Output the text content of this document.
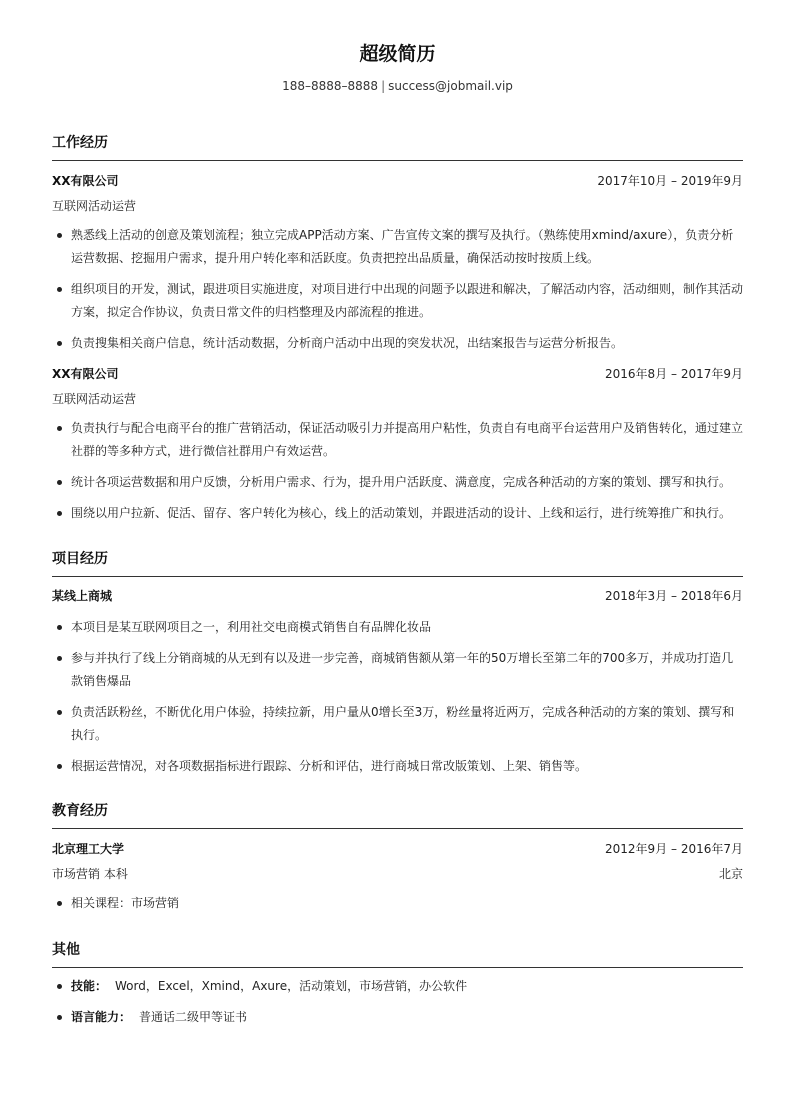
超级简历
188–8888–8888 | success@jobmail.vip
工作经历
XX有限公司	2017年10月 – 2019年9月
互联网活动运营
熟悉线上活动的创意及策划流程；独立完成APP活动方案、广告宣传文案的撰写及执行。（熟练使用xmind/axure），负责分析运营数据、挖掘用户需求，提升用户转化率和活跃度。负责把控出品质量，确保活动按时按质上线。
组织项目的开发，测试，跟进项目实施进度，对项目进行中出现的问题予以跟进和解决，了解活动内容，活动细则，制作其活动方案，拟定合作协议，负责日常文件的归档整理及内部流程的推进。
负责搜集相关商户信息，统计活动数据，分析商户活动中出现的突发状况，出结案报告与运营分析报告。
XX有限公司	2016年8月 – 2017年9月
互联网活动运营
负责执行与配合电商平台的推广营销活动，保证活动吸引力并提高用户粘性，负责自有电商平台运营用户及销售转化，通过建立社群的等多种方式，进行微信社群用户有效运营。
统计各项运营数据和用户反馈，分析用户需求、行为，提升用户活跃度、满意度，完成各种活动的方案的策划、撰写和执行。
围绕以用户拉新、促活、留存、客户转化为核心，线上的活动策划，并跟进活动的设计、上线和运行，进行统筹推广和执行。
项目经历
某线上商城	2018年3月 – 2018年6月
本项目是某互联网项目之一，利用社交电商模式销售自有品牌化妆品
参与并执行了线上分销商城的从无到有以及进一步完善，商城销售额从第一年的50万增长至第二年的700多万，并成功打造几款销售爆品
负责活跃粉丝，不断优化用户体验，持续拉新，用户量从0增长至3万，粉丝量将近两万，完成各种活动的方案的策划、撰写和执行。
根据运营情况，对各项数据指标进行跟踪、分析和评估，进行商城日常改版策划、上架、销售等。
教育经历
北京理工大学	2012年9月 – 2016年7月
市场营销 本科	北京
相关课程：市场营销
其他
技能： Word，Excel，Xmind，Axure，活动策划，市场营销，办公软件
语言能力： 普通话二级甲等证书
